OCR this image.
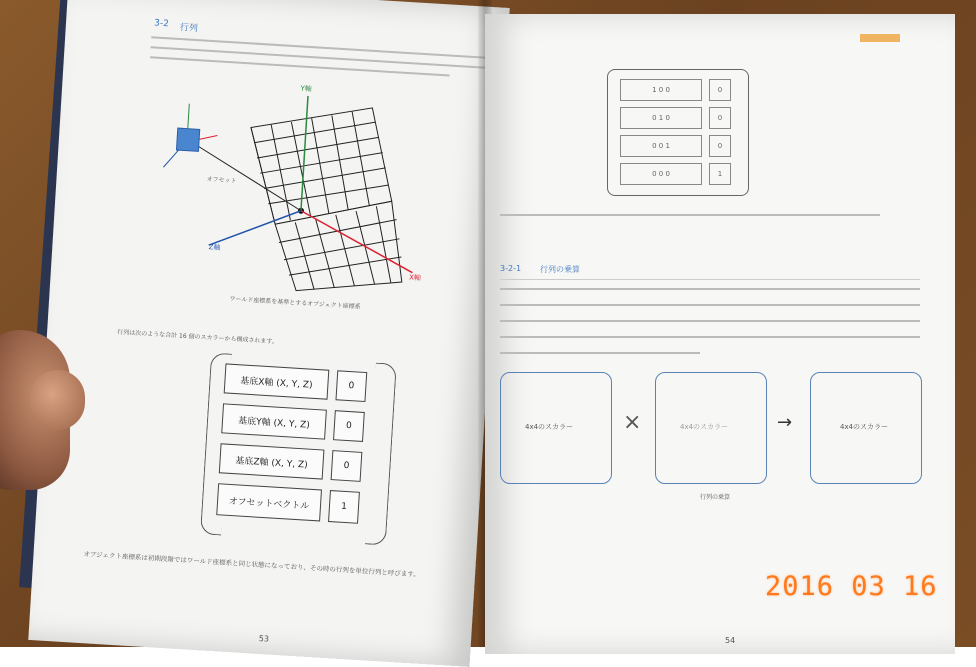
3-2 行列
Y軸
X軸
Z軸
オフセット
ワールド座標系を基準とするオブジェクト座標系
行列は次のような合計 16 個のスカラーから構成されます。
基底X軸 (X, Y, Z)	0
基底Y軸 (X, Y, Z)	0
基底Z軸 (X, Y, Z)	0
オフセットベクトル	1
オブジェクト座標系は初期段階ではワールド座標系と同じ状態になっており、その時の行列を単位行列と呼びます。
53
1 0 0	0
0 1 0	0
0 0 1	0
0 0 0	1
3-2-1 行列の乗算
4x4のスカラー ×	4x4のスカラー	→	4x4のスカラー
行列の乗算
54
2016 03 16
